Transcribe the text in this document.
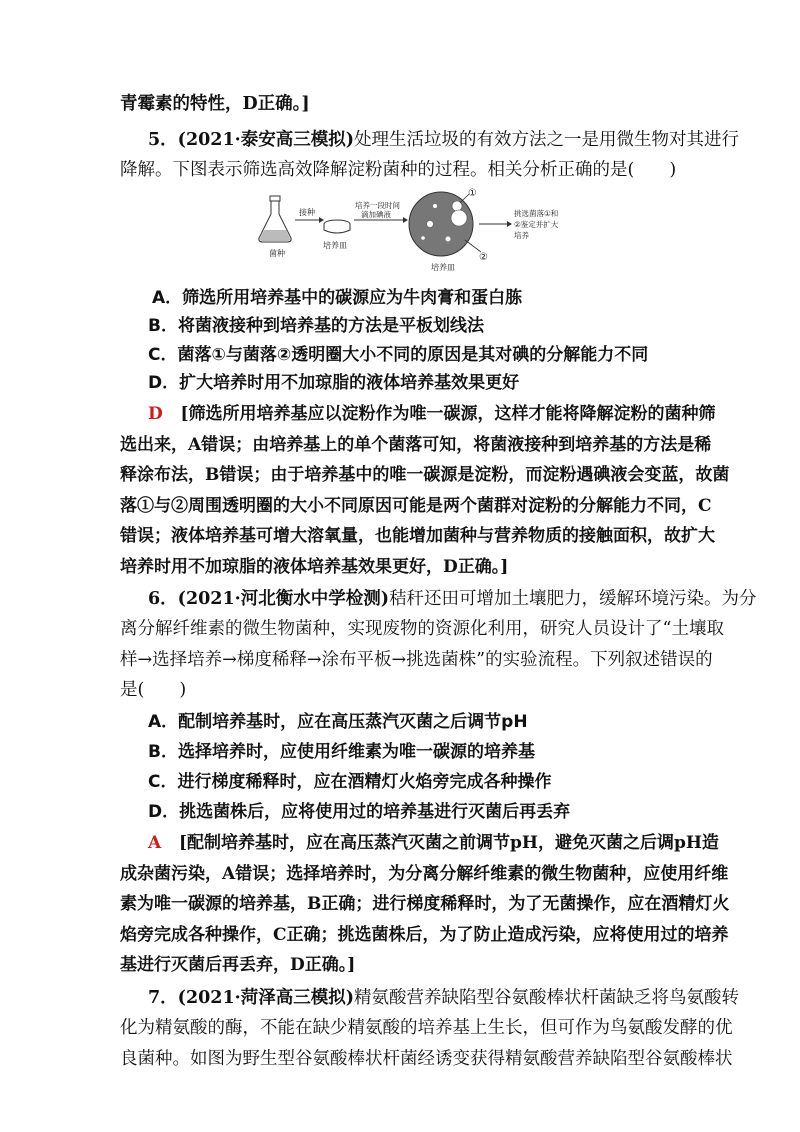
青霉素的特性，D正确。]
5．(2021·泰安高三模拟)处理生活垃圾的有效方法之一是用微生物对其进行
降解。下图表示筛选高效降解淀粉菌种的过程。相关分析正确的是(　　)
菌种
接种
培养皿
培养一段时间
滴加碘液
①
②
培养皿
挑选菌落①和
②鉴定并扩大
培养
A．筛选所用培养基中的碳源应为牛肉膏和蛋白胨
B．将菌液接种到培养基的方法是平板划线法
C．菌落①与菌落②透明圈大小不同的原因是其对碘的分解能力不同
D．扩大培养时用不加琼脂的液体培养基效果更好
D [筛选所用培养基应以淀粉作为唯一碳源，这样才能将降解淀粉的菌种筛
选出来，A错误；由培养基上的单个菌落可知，将菌液接种到培养基的方法是稀
释涂布法，B错误；由于培养基中的唯一碳源是淀粉，而淀粉遇碘液会变蓝，故菌
落①与②周围透明圈的大小不同原因可能是两个菌群对淀粉的分解能力不同，C
错误；液体培养基可增大溶氧量，也能增加菌种与营养物质的接触面积，故扩大
培养时用不加琼脂的液体培养基效果更好，D正确。]
6．(2021·河北衡水中学检测)秸秆还田可增加土壤肥力，缓解环境污染。为分
离分解纤维素的微生物菌种，实现废物的资源化利用，研究人员设计了“土壤取
样→选择培养→梯度稀释→涂布平板→挑选菌株”的实验流程。下列叙述错误的
是(　　)
A．配制培养基时，应在高压蒸汽灭菌之后调节pH
B．选择培养时，应使用纤维素为唯一碳源的培养基
C．进行梯度稀释时，应在酒精灯火焰旁完成各种操作
D．挑选菌株后，应将使用过的培养基进行灭菌后再丢弃
A [配制培养基时，应在高压蒸汽灭菌之前调节pH，避免灭菌之后调pH造
成杂菌污染，A错误；选择培养时，为分离分解纤维素的微生物菌种，应使用纤维
素为唯一碳源的培养基，B正确；进行梯度稀释时，为了无菌操作，应在酒精灯火
焰旁完成各种操作，C正确；挑选菌株后，为了防止造成污染，应将使用过的培养
基进行灭菌后再丢弃，D正确。]
7．(2021·菏泽高三模拟)精氨酸营养缺陷型谷氨酸棒状杆菌缺乏将鸟氨酸转
化为精氨酸的酶，不能在缺少精氨酸的培养基上生长，但可作为鸟氨酸发酵的优
良菌种。如图为野生型谷氨酸棒状杆菌经诱变获得精氨酸营养缺陷型谷氨酸棒状
